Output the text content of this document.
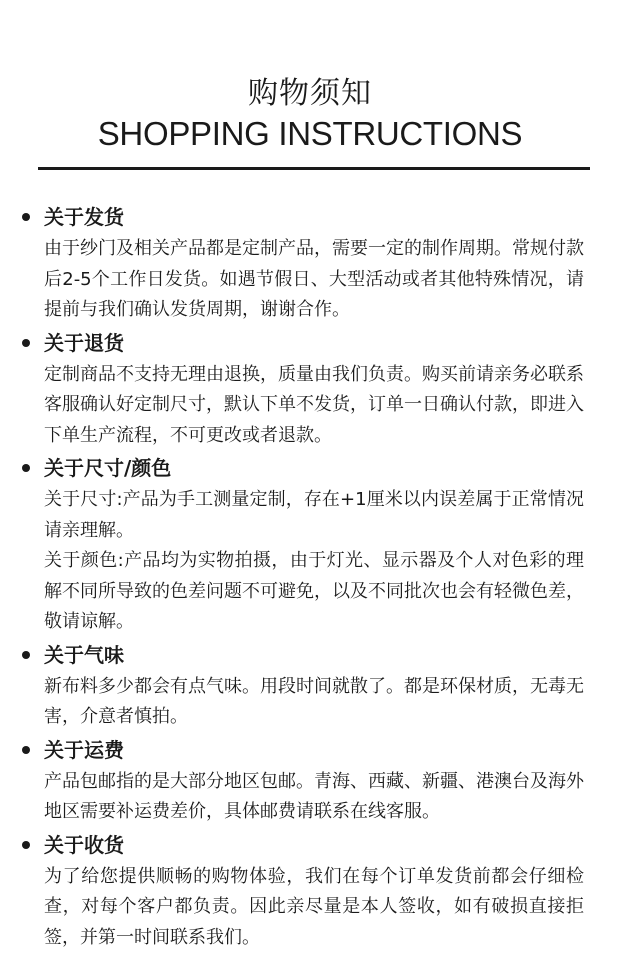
购物须知
SHOPPING INSTRUCTIONS
关于发货

由于纱门及相关产品都是定制产品，需要一定的制作周期。常规付款后2-5个工作日发货。如遇节假日、大型活动或者其他特殊情况，请提前与我们确认发货周期，谢谢合作。

关于退货

定制商品不支持无理由退换，质量由我们负责。购买前请亲务必联系客服确认好定制尺寸，默认下单不发货，订单一日确认付款，即进入下单生产流程，不可更改或者退款。

关于尺寸/颜色

关于尺寸:产品为手工测量定制，存在+1厘米以内误差属于正常情况请亲理解。

关于颜色:产品均为实物拍摄，由于灯光、显示器及个人对色彩的理解不同所导致的色差问题不可避免，以及不同批次也会有轻微色差，敬请谅解。

关于气味

新布料多少都会有点气味。用段时间就散了。都是环保材质，无毒无害，介意者慎拍。

关于运费

产品包邮指的是大部分地区包邮。青海、西藏、新疆、港澳台及海外地区需要补运费差价，具体邮费请联系在线客服。

关于收货

为了给您提供顺畅的购物体验，我们在每个订单发货前都会仔细检查，对每个客户都负责。因此亲尽量是本人签收，如有破损直接拒签，并第一时间联系我们。
